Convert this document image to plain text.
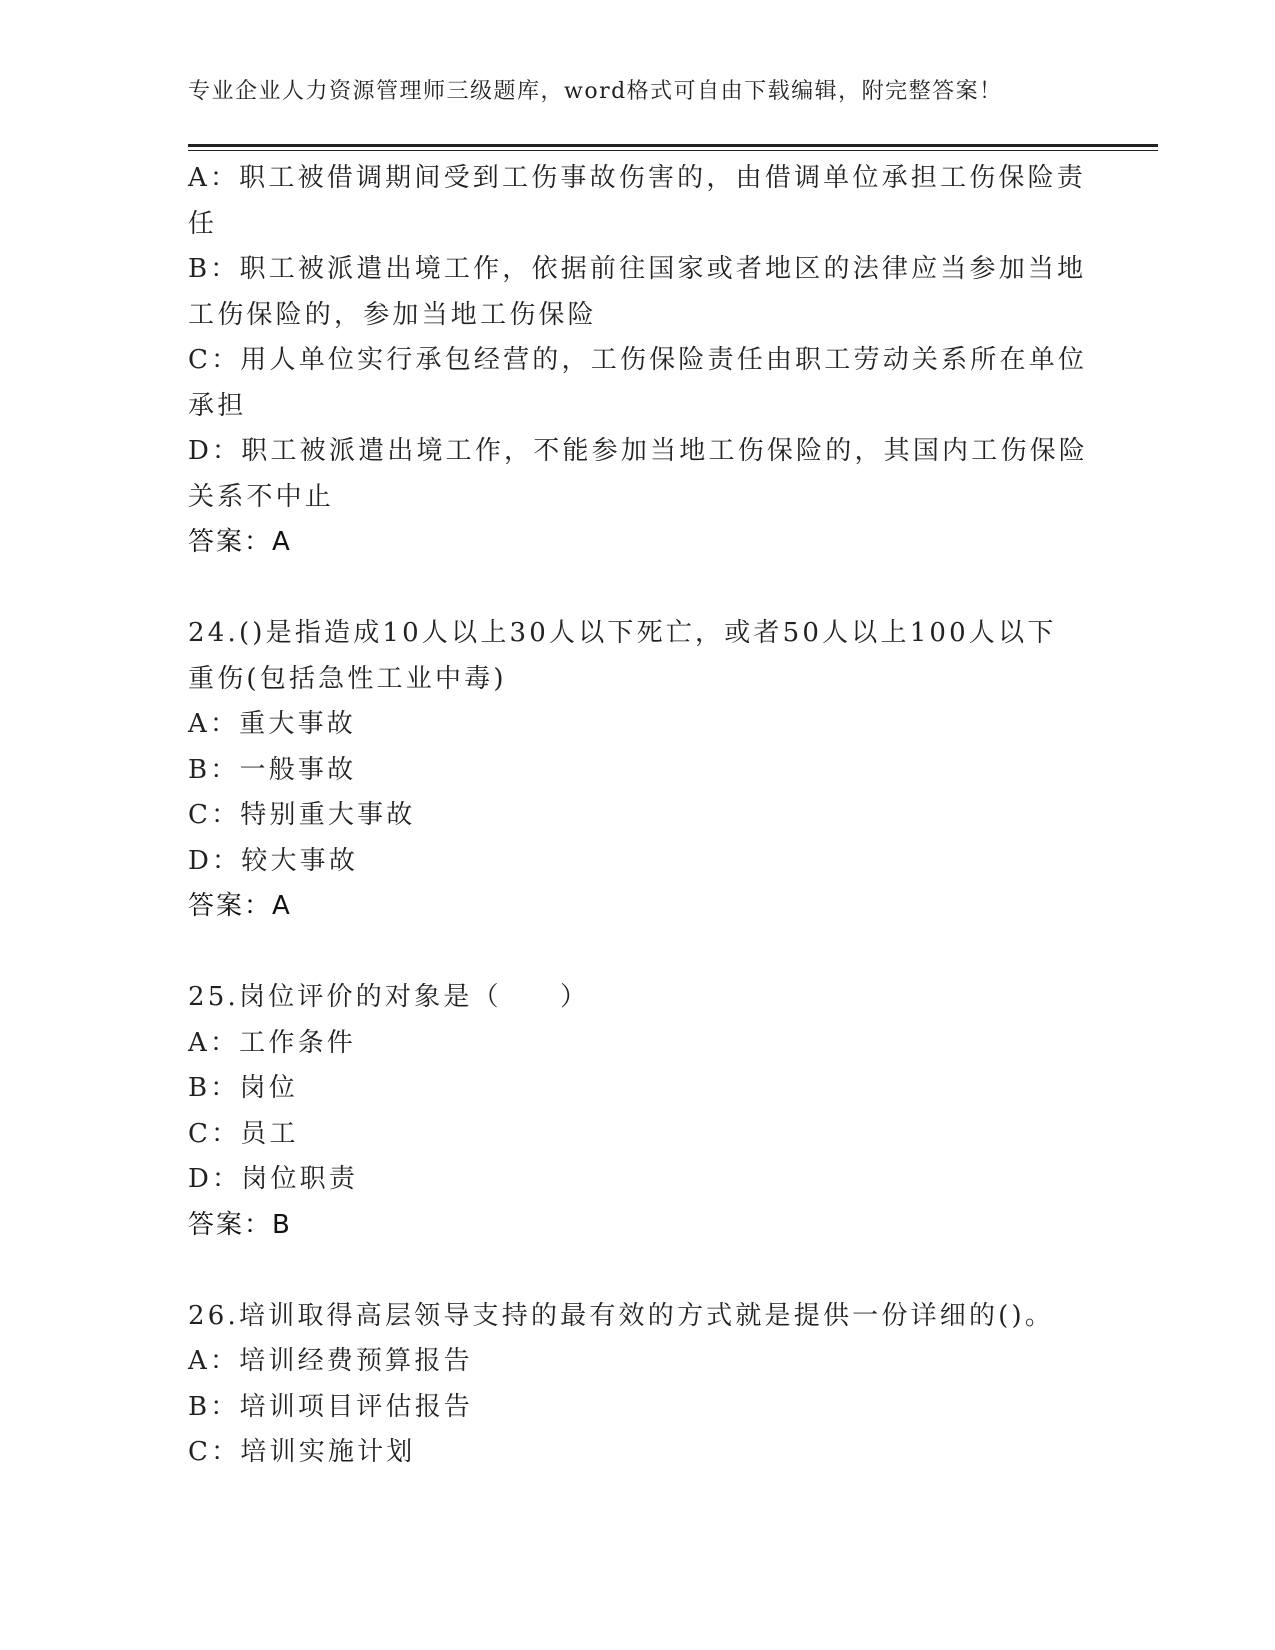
专业企业人力资源管理师三级题库，word格式可自由下载编辑，附完整答案！
A：职工被借调期间受到工伤事故伤害的，由借调单位承担工伤保险责
任
B：职工被派遣出境工作，依据前往国家或者地区的法律应当参加当地
工伤保险的，参加当地工伤保险
C：用人单位实行承包经营的，工伤保险责任由职工劳动关系所在单位
承担
D：职工被派遣出境工作，不能参加当地工伤保险的，其国内工伤保险
关系不中止
答案：A
24.()是指造成10人以上30人以下死亡，或者50人以上100人以下
重伤(包括急性工业中毒)
A：重大事故
B：一般事故
C：特别重大事故
D：较大事故
答案：A
25.岗位评价的对象是（　　）
A：工作条件
B：岗位
C：员工
D：岗位职责
答案：B
26.培训取得高层领导支持的最有效的方式就是提供一份详细的()。
A：培训经费预算报告
B：培训项目评估报告
C：培训实施计划
